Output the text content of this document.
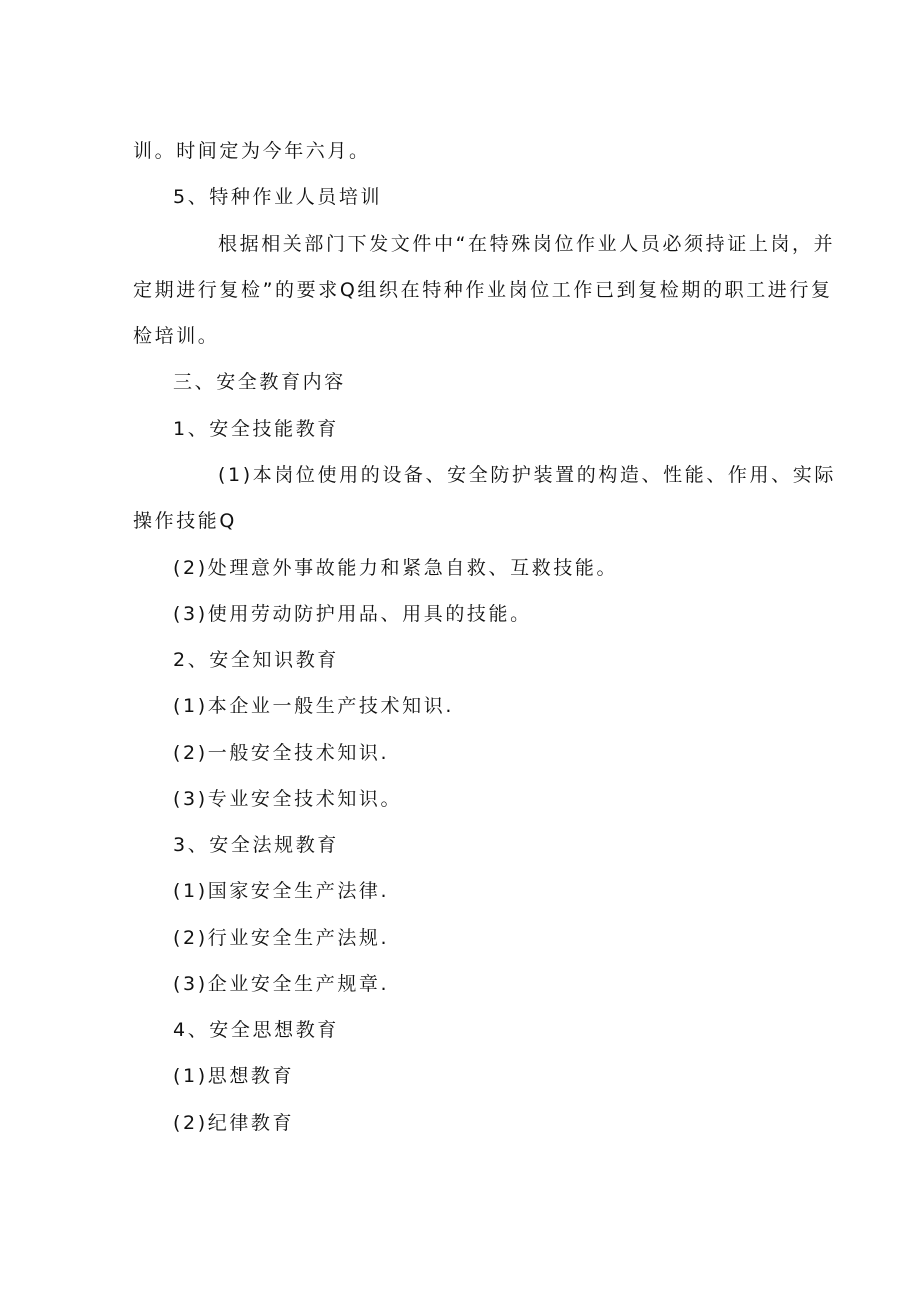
训。时间定为今年六月。
5、特种作业人员培训
根据相关部门下发文件中“在特殊岗位作业人员必须持证上岗，并
定期进行复检”的要求Q组织在特种作业岗位工作已到复检期的职工进行复
检培训。
三、安全教育内容
1、安全技能教育
(1)本岗位使用的设备、安全防护装置的构造、性能、作用、实际
操作技能Q
(2)处理意外事故能力和紧急自救、互救技能。
(3)使用劳动防护用品、用具的技能。
2、安全知识教育
(1)本企业一般生产技术知识.
(2)一般安全技术知识.
(3)专业安全技术知识。
3、安全法规教育
(1)国家安全生产法律.
(2)行业安全生产法规.
(3)企业安全生产规章.
4、安全思想教育
(1)思想教育
(2)纪律教育
